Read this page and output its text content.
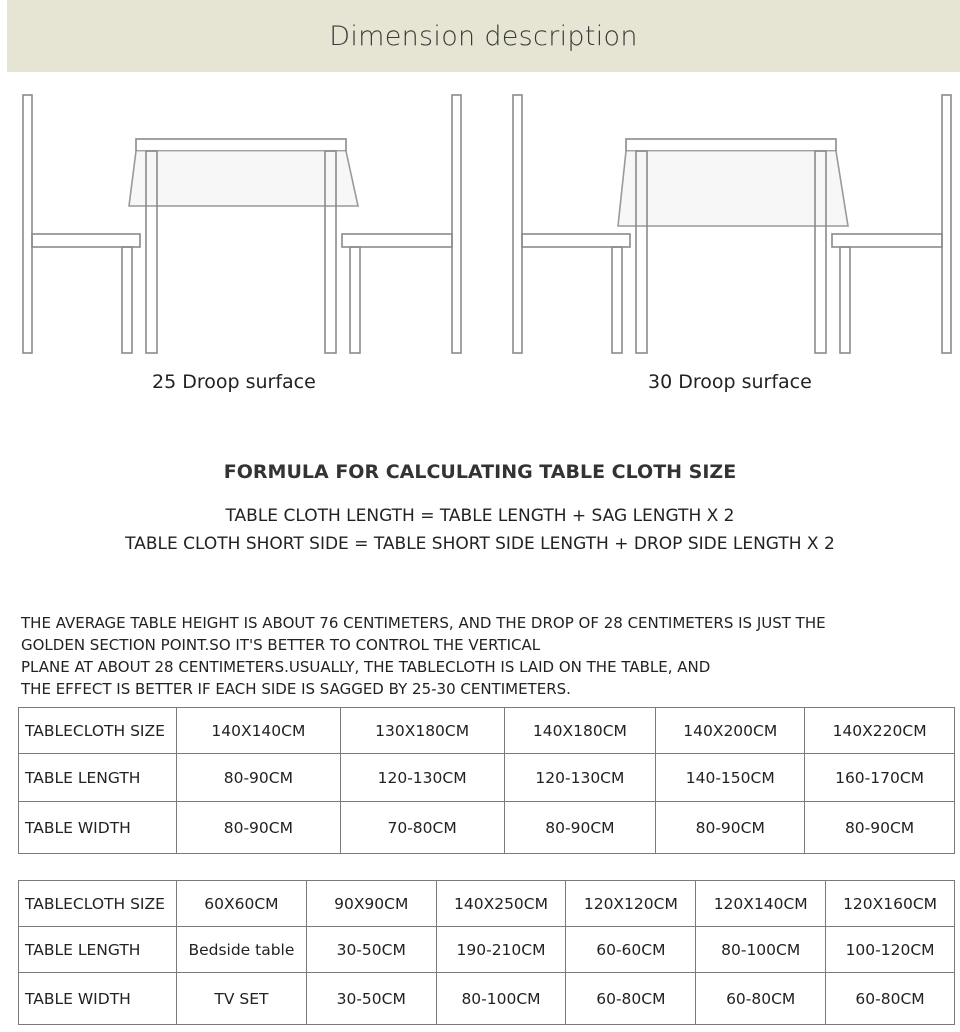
Dimension description
25 Droop surface	30 Droop surface
FORMULA FOR CALCULATING TABLE CLOTH SIZE
TABLE CLOTH LENGTH = TABLE LENGTH + SAG LENGTH X 2
TABLE CLOTH SHORT SIDE = TABLE SHORT SIDE LENGTH + DROP SIDE LENGTH X 2
THE AVERAGE TABLE HEIGHT IS ABOUT 76 CENTIMETERS, AND THE DROP OF 28 CENTIMETERS IS JUST THE
GOLDEN SECTION POINT.SO IT'S BETTER TO CONTROL THE VERTICAL
PLANE AT ABOUT 28 CENTIMETERS.USUALLY, THE TABLECLOTH IS LAID ON THE TABLE, AND
THE EFFECT IS BETTER IF EACH SIDE IS SAGGED BY 25-30 CENTIMETERS.
TABLECLOTH SIZE	140X140CM	130X180CM	140X180CM	140X200CM	140X220CM
TABLE LENGTH	80-90CM	120-130CM	120-130CM	140-150CM	160-170CM
TABLE WIDTH	80-90CM	70-80CM	80-90CM	80-90CM	80-90CM
TABLECLOTH SIZE	60X60CM	90X90CM	140X250CM	120X120CM	120X140CM	120X160CM
TABLE LENGTH	Bedside table	30-50CM	190-210CM	60-60CM	80-100CM	100-120CM
TABLE WIDTH	TV SET	30-50CM	80-100CM	60-80CM	60-80CM	60-80CM
